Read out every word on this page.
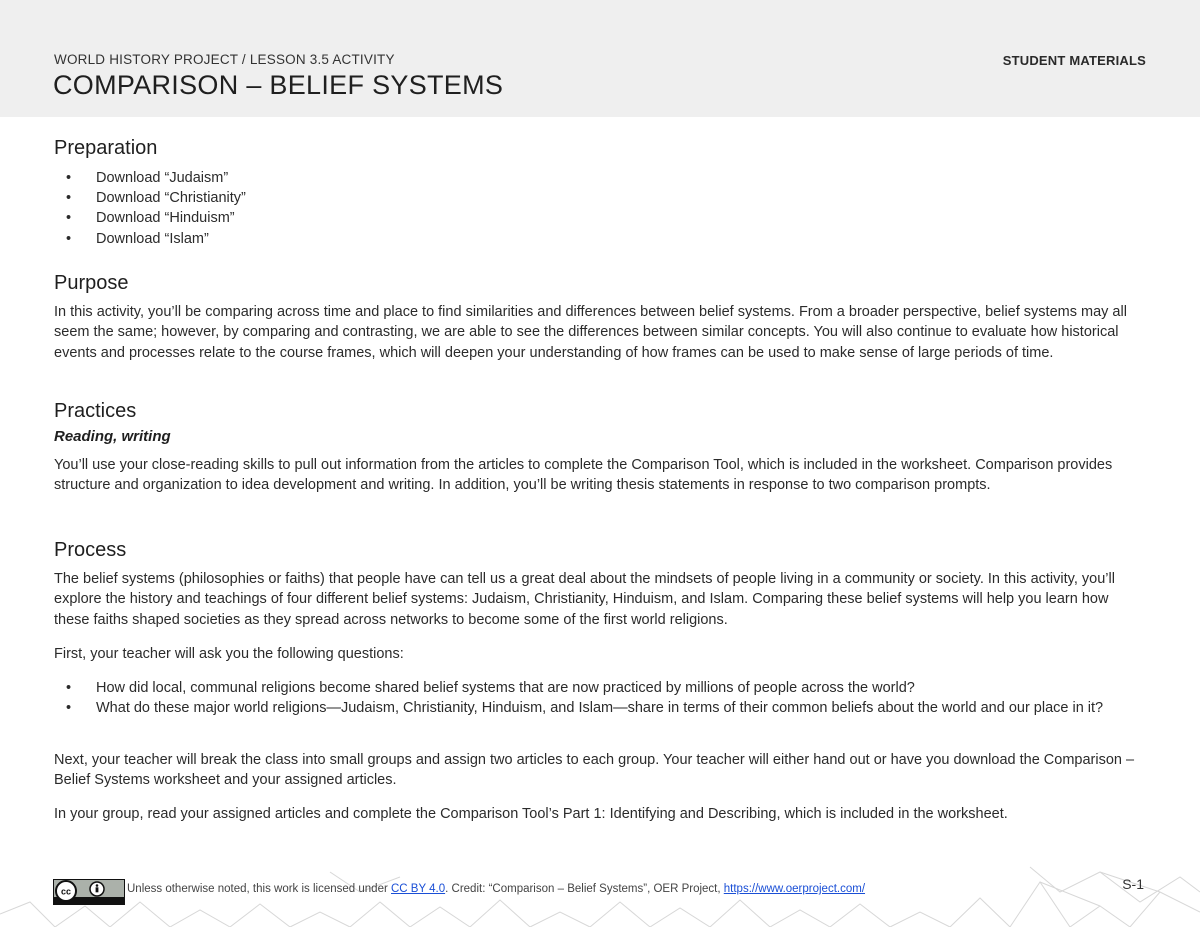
WORLD HISTORY PROJECT / LESSON 3.5 ACTIVITY
COMPARISON – BELIEF SYSTEMS
STUDENT MATERIALS
Preparation
• Download “Judaism”
• Download “Christianity”
• Download “Hinduism”
• Download “Islam”
Purpose
In this activity, you’ll be comparing across time and place to find similarities and differences between belief systems. From a broader perspective, belief systems may all seem the same; however, by comparing and contrasting, we are able to see the differences between similar concepts. You will also continue to evaluate how historical events and processes relate to the course frames, which will deepen your understanding of how frames can be used to make sense of large periods of time.
Practices
Reading, writing
You’ll use your close-reading skills to pull out information from the articles to complete the Comparison Tool, which is included in the worksheet. Comparison provides structure and organization to idea development and writing. In addition, you’ll be writing thesis statements in response to two comparison prompts.
Process
The belief systems (philosophies or faiths) that people have can tell us a great deal about the mindsets of people living in a community or society. In this activity, you’ll explore the history and teachings of four different belief systems: Judaism, Christianity, Hinduism, and Islam. Comparing these belief systems will help you learn how these faiths shaped societies as they spread across networks to become some of the first world religions.
First, your teacher will ask you the following questions:
• How did local, communal religions become shared belief systems that are now practiced by millions of people across the world?
• What do these major world religions—Judaism, Christianity, Hinduism, and Islam—share in terms of their common beliefs about the world and our place in it?
Next, your teacher will break the class into small groups and assign two articles to each group. Your teacher will either hand out or have you download the Comparison – Belief Systems worksheet and your assigned articles.
In your group, read your assigned articles and complete the Comparison Tool’s Part 1: Identifying and Describing, which is included in the worksheet.
cc	Unless otherwise noted, this work is licensed under CC BY 4.0. Credit: “Comparison – Belief Systems”, OER Project, https://www.oerproject.com/	S-1
